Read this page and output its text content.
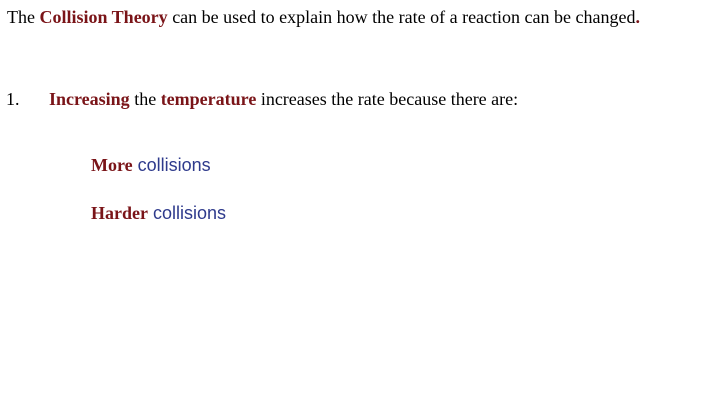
The Collision Theory can be used to explain how the rate of a reaction can be changed.
1. Increasing the temperature increases the rate because there are:
More collisions
Harder collisions
